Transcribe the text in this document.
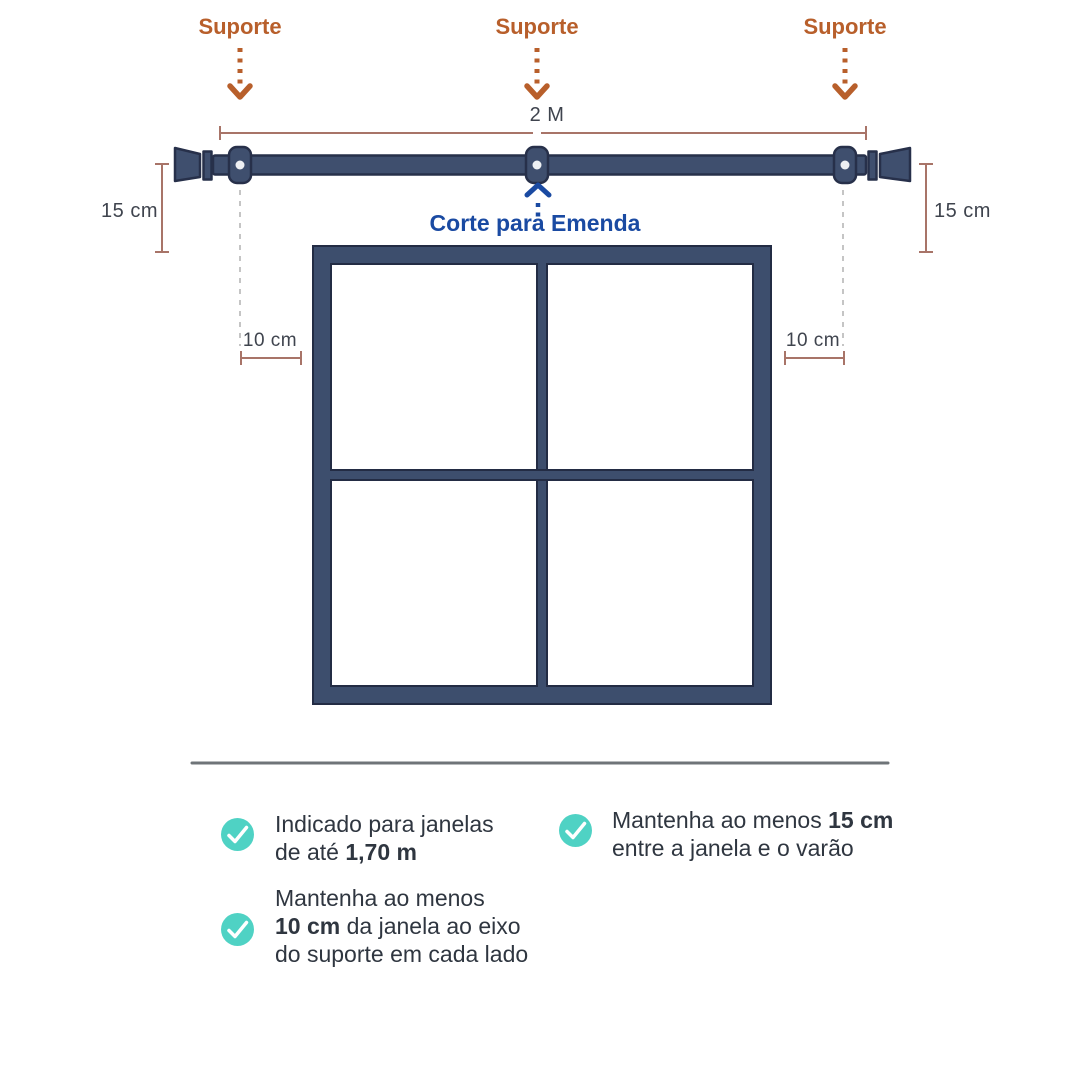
Suporte	Suporte	Suporte
2 M
15 cm	15 cm
10 cm	10 cm
Corte para Emenda
Indicado para janelas
de até 1,70 m
Mantenha ao menos 15 cm
entre a janela e o varão
Mantenha ao menos
10 cm da janela ao eixo
do suporte em cada lado
